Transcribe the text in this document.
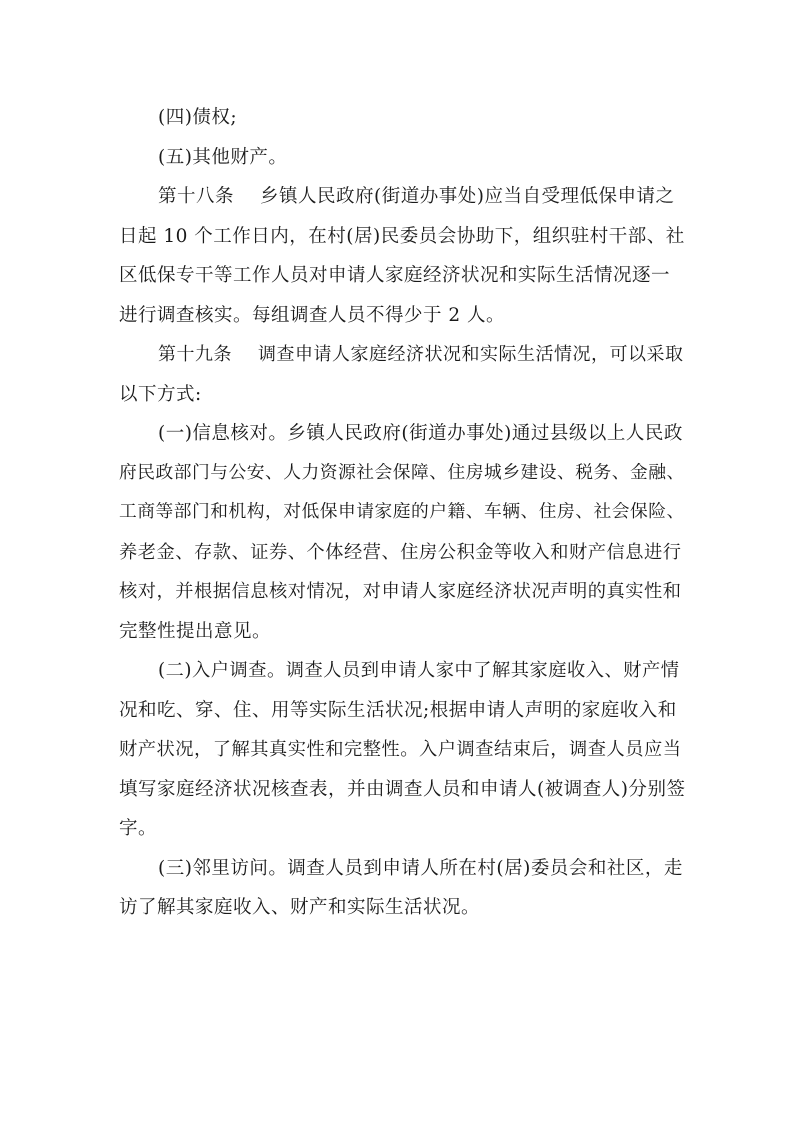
(四)债权;
(五)其他财产。
第十八条 乡镇人民政府(街道办事处)应当自受理低保申请之
日起 10 个工作日内，在村(居)民委员会协助下，组织驻村干部、社
区低保专干等工作人员对申请人家庭经济状况和实际生活情况逐一
进行调查核实。每组调查人员不得少于 2 人。
第十九条 调查申请人家庭经济状况和实际生活情况，可以采取
以下方式:
(一)信息核对。乡镇人民政府(街道办事处)通过县级以上人民政
府民政部门与公安、人力资源社会保障、住房城乡建设、税务、金融、
工商等部门和机构，对低保申请家庭的户籍、车辆、住房、社会保险、
养老金、存款、证券、个体经营、住房公积金等收入和财产信息进行
核对，并根据信息核对情况，对申请人家庭经济状况声明的真实性和
完整性提出意见。
(二)入户调查。调查人员到申请人家中了解其家庭收入、财产情
况和吃、穿、住、用等实际生活状况;根据申请人声明的家庭收入和
财产状况，了解其真实性和完整性。入户调查结束后，调查人员应当
填写家庭经济状况核查表，并由调查人员和申请人(被调查人)分别签
字。
(三)邻里访问。调查人员到申请人所在村(居)委员会和社区，走
访了解其家庭收入、财产和实际生活状况。
